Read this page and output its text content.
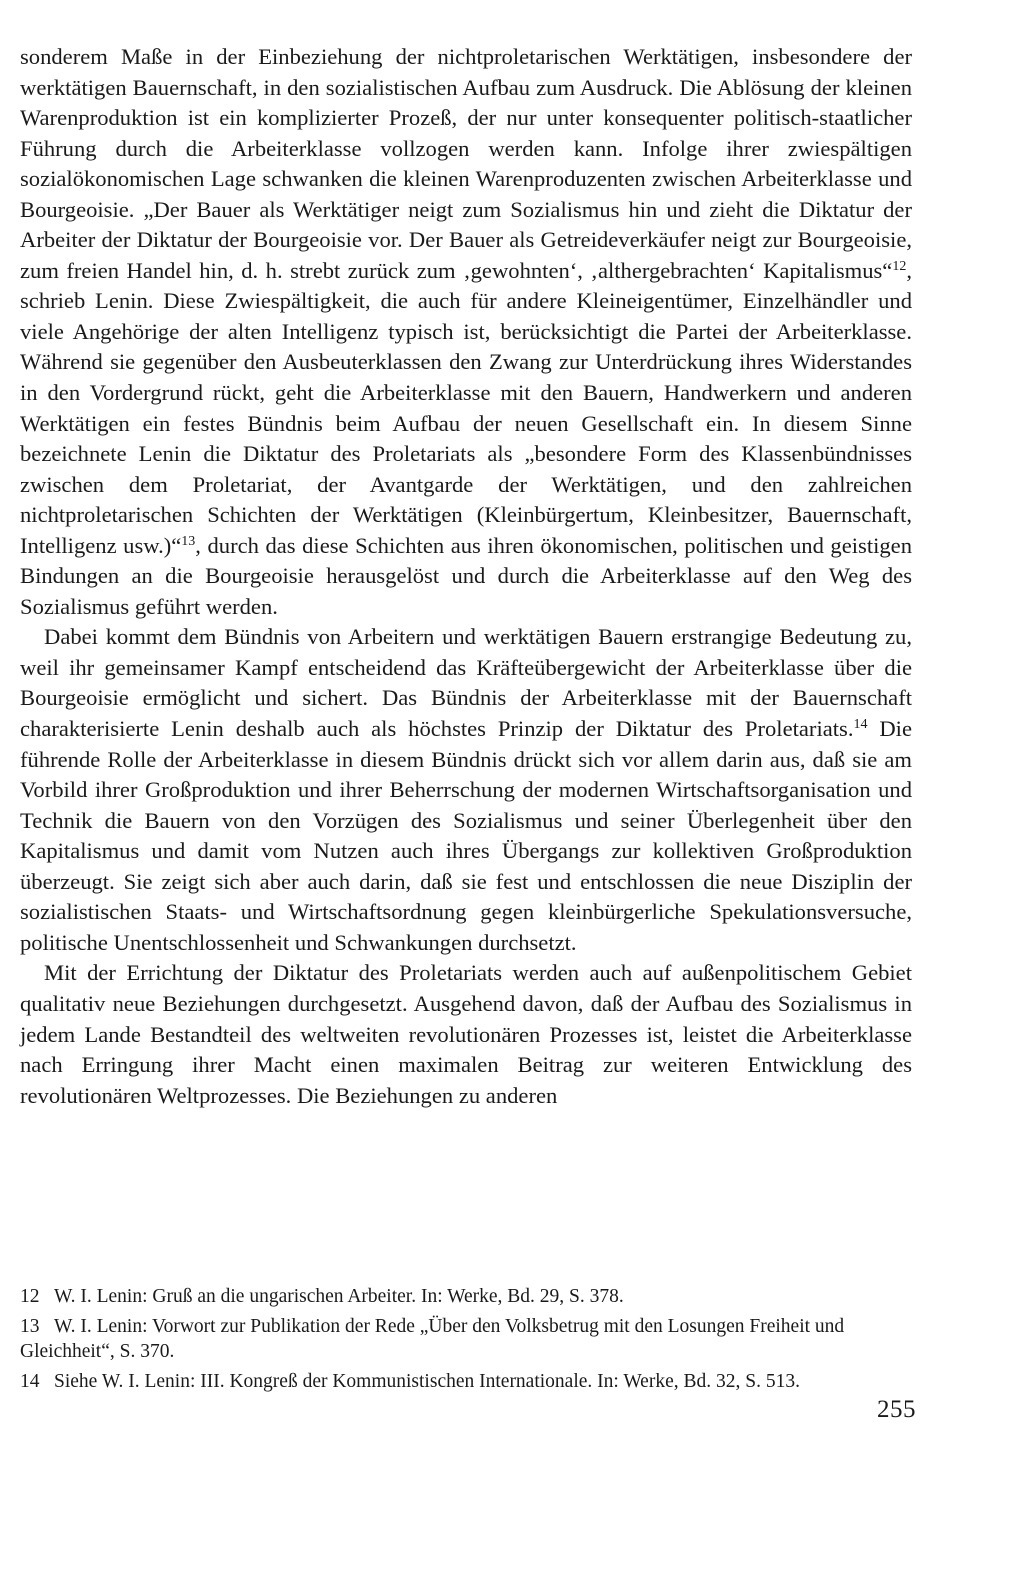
sonderem Maße in der Einbeziehung der nichtproletarischen Werktätigen, insbesondere der werktätigen Bauernschaft, in den sozialistischen Aufbau zum Ausdruck. Die Ablösung der kleinen Warenproduktion ist ein komplizierter Prozeß, der nur unter konsequenter politisch-staatlicher Führung durch die Arbeiterklasse vollzogen werden kann. Infolge ihrer zwiespältigen sozialökonomischen Lage schwanken die kleinen Warenproduzenten zwischen Arbeiterklasse und Bourgeoisie. „Der Bauer als Werktätiger neigt zum Sozialismus hin und zieht die Diktatur der Arbeiter der Diktatur der Bourgeoisie vor. Der Bauer als Getreideverkäufer neigt zur Bourgeoisie, zum freien Handel hin, d. h. strebt zurück zum ‚gewohnten‘, ‚althergebrachten‘ Kapitalismus“$^{12}$, schrieb Lenin. Diese Zwiespältigkeit, die auch für andere Kleineigentümer, Einzelhändler und viele Angehörige der alten Intelligenz typisch ist, berücksichtigt die Partei der Arbeiterklasse. Während sie gegenüber den Ausbeuterklassen den Zwang zur Unterdrückung ihres Widerstandes in den Vordergrund rückt, geht die Arbeiterklasse mit den Bauern, Handwerkern und anderen Werktätigen ein festes Bündnis beim Aufbau der neuen Gesellschaft ein. In diesem Sinne bezeichnete Lenin die Diktatur des Proletariats als „besondere Form des Klassenbündnisses zwischen dem Proletariat, der Avantgarde der Werktätigen, und den zahlreichen nichtproletarischen Schichten der Werktätigen (Kleinbürgertum, Kleinbesitzer, Bauernschaft, Intelligenz usw.)“$^{13}$, durch das diese Schichten aus ihren ökonomischen, politischen und geistigen Bindungen an die Bourgeoisie herausgelöst und durch die Arbeiterklasse auf den Weg des Sozialismus geführt werden.

Dabei kommt dem Bündnis von Arbeitern und werktätigen Bauern erstrangige Bedeutung zu, weil ihr gemeinsamer Kampf entscheidend das Kräfteübergewicht der Arbeiterklasse über die Bourgeoisie ermöglicht und sichert. Das Bündnis der Arbeiterklasse mit der Bauernschaft charakterisierte Lenin deshalb auch als höchstes Prinzip der Diktatur des Proletariats.$^{14}$ Die führende Rolle der Arbeiterklasse in diesem Bündnis drückt sich vor allem darin aus, daß sie am Vorbild ihrer Großproduktion und ihrer Beherrschung der modernen Wirtschaftsorganisation und Technik die Bauern von den Vorzügen des Sozialismus und seiner Überlegenheit über den Kapitalismus und damit vom Nutzen auch ihres Übergangs zur kollektiven Großproduktion überzeugt. Sie zeigt sich aber auch darin, daß sie fest und entschlossen die neue Disziplin der sozialistischen Staats- und Wirtschaftsordnung gegen kleinbürgerliche Spekulationsversuche, politische Unentschlossenheit und Schwankungen durchsetzt.

Mit der Errichtung der Diktatur des Proletariats werden auch auf außenpolitischem Gebiet qualitativ neue Beziehungen durchgesetzt. Ausgehend davon, daß der Aufbau des Sozialismus in jedem Lande Bestandteil des weltweiten revolutionären Prozesses ist, leistet die Arbeiterklasse nach Erringung ihrer Macht einen maximalen Beitrag zur weiteren Entwicklung des revolutionären Weltprozesses. Die Beziehungen zu anderen

12 W. I. Lenin: Gruß an die ungarischen Arbeiter. In: Werke, Bd. 29, S. 378.
13 W. I. Lenin: Vorwort zur Publikation der Rede „Über den Volksbetrug mit den Losungen Freiheit und Gleichheit“, S. 370.
14 Siehe W. I. Lenin: III. Kongreß der Kommunistischen Internationale. In: Werke, Bd. 32, S. 513.
255
